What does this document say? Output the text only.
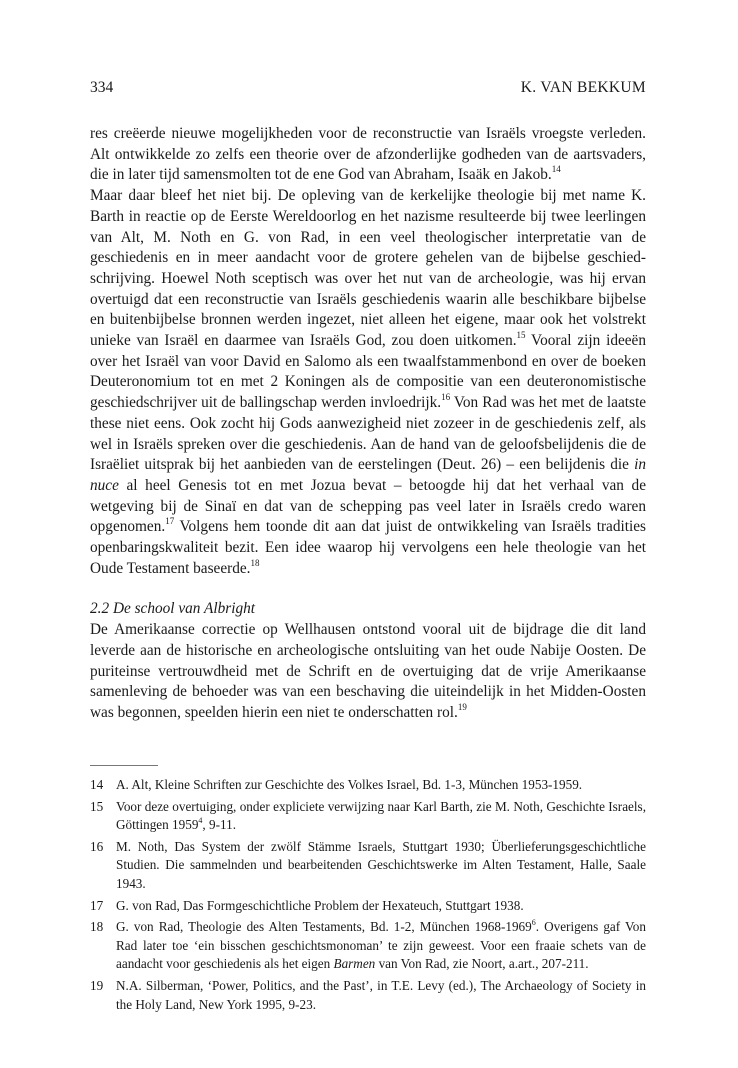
334	K. VAN BEKKUM

res creëerde nieuwe mogelijkheden voor de reconstructie van Israëls vroegste verleden. Alt ontwikkelde zo zelfs een theorie over de afzonderlijke godheden van de aartsvaders, die in later tijd samensmolten tot de ene God van Abraham, Isaäk en Jakob.$^{14}$

Maar daar bleef het niet bij. De opleving van de kerkelijke theologie bij met name K. Barth in reactie op de Eerste Wereldoorlog en het nazisme resulteerde bij twee leerlingen van Alt, M. Noth en G. von Rad, in een veel theologischer interpretatie van de geschiedenis en in meer aandacht voor de grotere gehelen van de bijbelse geschiedschrijving. Hoewel Noth sceptisch was over het nut van de archeologie, was hij ervan overtuigd dat een reconstructie van Israëls geschiedenis waarin alle beschikbare bijbelse en buitenbijbelse bronnen werden ingezet, niet alleen het eigene, maar ook het volstrekt unieke van Israël en daarmee van Israëls God, zou doen uitkomen.$^{15}$ Vooral zijn ideeën over het Israël van voor David en Salomo als een twaalfstammenbond en over de boeken Deuteronomium tot en met 2 Koningen als de compositie van een deuteronomistische geschiedschrijver uit de ballingschap werden invloedrijk.$^{16}$ Von Rad was het met de laatste these niet eens. Ook zocht hij Gods aanwezigheid niet zozeer in de geschiedenis zelf, als wel in Israëls spreken over die geschiedenis. Aan de hand van de geloofsbelijdenis die de Israëliet uitsprak bij het aanbieden van de eerstelingen (Deut. 26) – een belijdenis die in nuce al heel Genesis tot en met Jozua bevat – betoogde hij dat het verhaal van de wetgeving bij de Sinaï en dat van de schepping pas veel later in Israëls credo waren opgenomen.$^{17}$ Volgens hem toonde dit aan dat juist de ontwikkeling van Israëls tradities openbaringskwaliteit bezit. Een idee waarop hij vervolgens een hele theologie van het Oude Testament baseerde.$^{18}$

2.2 De school van Albright

De Amerikaanse correctie op Wellhausen ontstond vooral uit de bijdrage die dit land leverde aan de historische en archeologische ontsluiting van het oude Nabije Oosten. De puriteinse vertrouwdheid met de Schrift en de overtuiging dat de vrije Amerikaanse samenleving de behoeder was van een beschaving die uiteindelijk in het Midden-Oosten was begonnen, speelden hierin een niet te onderschatten rol.$^{19}$

14 A. Alt, Kleine Schriften zur Geschichte des Volkes Israel, Bd. 1-3, München 1953-1959.
15 Voor deze overtuiging, onder expliciete verwijzing naar Karl Barth, zie M. Noth, Geschichte Israels, Göttingen 1959$^4$, 9-11.
16 M. Noth, Das System der zwölf Stämme Israels, Stuttgart 1930; Überlieferungsgeschichtliche Studien. Die sammelnden und bearbeitenden Geschichtswerke im Alten Testament, Halle, Saale 1943.
17 G. von Rad, Das Formgeschichtliche Problem der Hexateuch, Stuttgart 1938.
18 G. von Rad, Theologie des Alten Testaments, Bd. 1-2, München 1968-1969$^6$. Overigens gaf Von Rad later toe ‘ein bisschen geschichtsmonoman’ te zijn geweest. Voor een fraaie schets van de aandacht voor geschiedenis als het eigen Barmen van Von Rad, zie Noort, a.art., 207-211.
19 N.A. Silberman, ‘Power, Politics, and the Past’, in T.E. Levy (ed.), The Archaeology of Society in the Holy Land, New York 1995, 9-23.
